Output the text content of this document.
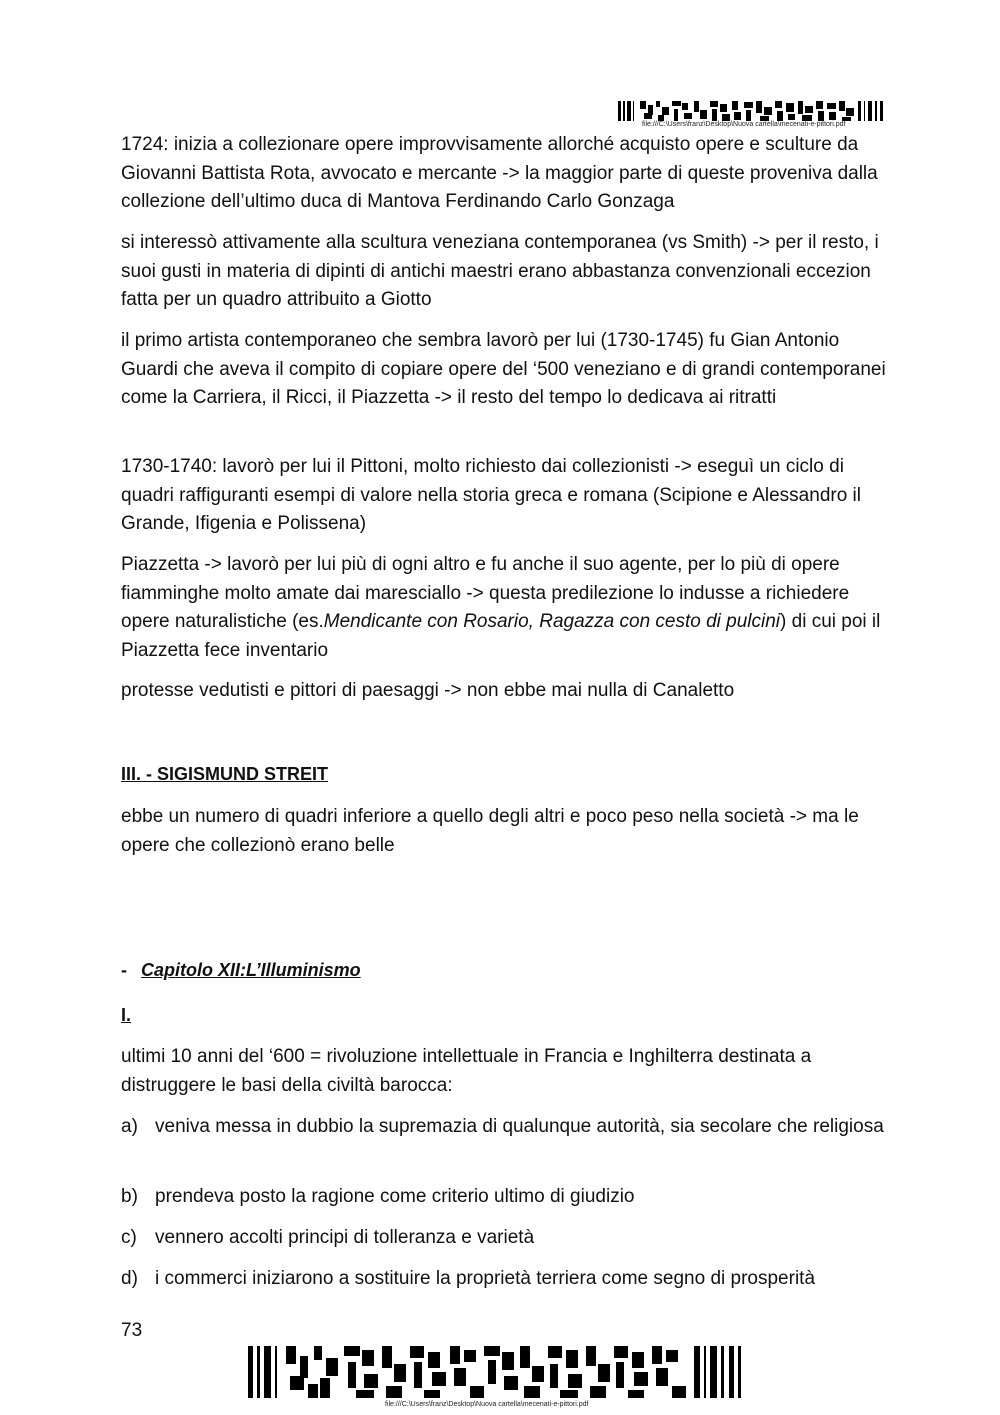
file:///C:\Users\franz\Desktop\Nuova cartella\mecenati-e-pittori.pdf

1724: inizia a collezionare opere improvvisamente allorché acquisto opere e sculture da Giovanni Battista Rota, avvocato e mercante -> la maggior parte di queste proveniva dalla collezione dell’ultimo duca di Mantova Ferdinando Carlo Gonzaga

si interessò attivamente alla scultura veneziana contemporanea (vs Smith) -> per il resto, i suoi gusti in materia di dipinti di antichi maestri erano abbastanza convenzionali eccezion fatta per un quadro attribuito a Giotto

il primo artista contemporaneo che sembra lavorò per lui (1730-1745) fu Gian Antonio Guardi che aveva il compito di copiare opere del ‘500 veneziano e di grandi contemporanei come la Carriera, il Ricci, il Piazzetta -> il resto del tempo lo dedicava ai ritratti

1730-1740: lavorò per lui il Pittoni, molto richiesto dai collezionisti -> eseguì un ciclo di quadri raffiguranti esempi di valore nella storia greca e romana (Scipione e Alessandro il Grande, Ifigenia e Polissena)

Piazzetta -> lavorò per lui più di ogni altro e fu anche il suo agente, per lo più di opere fiamminghe molto amate dai maresciallo -> questa predilezione lo indusse a richiedere opere naturalistiche (es.Mendicante con Rosario, Ragazza con cesto di pulcini) di cui poi il Piazzetta fece inventario

protesse vedutisti e pittori di paesaggi -> non ebbe mai nulla di Canaletto

III. - SIGISMUND STREIT

ebbe un numero di quadri inferiore a quello degli altri e poco peso nella società -> ma le opere che collezionò erano belle

- Capitolo XII:L’Illuminismo

I.

ultimi 10 anni del ‘600 = rivoluzione intellettuale in Francia e Inghilterra destinata a distruggere le basi della civiltà barocca:

a) veniva messa in dubbio la supremazia di qualunque autorità, sia secolare che religiosa
b) prendeva posto la ragione come criterio ultimo di giudizio
c) vennero accolti principi di tolleranza e varietà
d) i commerci iniziarono a sostituire la proprietà terriera come segno di prosperità
73
file:///C:\Users\franz\Desktop\Nuova cartella\mecenati-e-pittori.pdf
